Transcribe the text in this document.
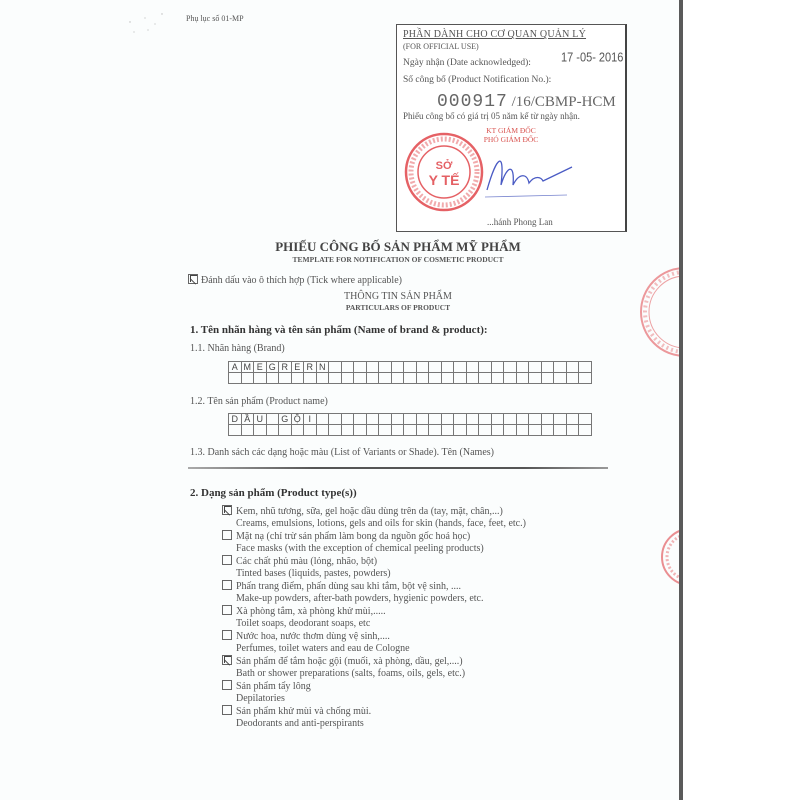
Phụ lục số 01-MP
PHẦN DÀNH CHO CƠ QUAN QUẢN LÝ
(FOR OFFICIAL USE)
Ngày nhận (Date acknowledged):	17 -05- 2016
Số công bố (Product Notification No.):
000917 /16/CBMP-HCM
Phiếu công bố có giá trị 05 năm kể từ ngày nhận.
KT GIÁM ĐỐC
PHÓ GIÁM ĐỐC
SỞ
Y TẾ
...hánh Phong Lan
PHIẾU CÔNG BỐ SẢN PHẨM MỸ PHẨM
TEMPLATE FOR NOTIFICATION OF COSMETIC PRODUCT
Đánh dấu vào ô thích hợp (Tick where applicable)
THÔNG TIN SẢN PHẨM
PARTICULARS OF PRODUCT
1. Tên nhãn hàng và tên sản phẩm (Name of brand & product):
1.1. Nhãn hàng (Brand)
A	M	E	G	R	E	R	N																					

1.2. Tên sản phẩm (Product name)
D	Ầ	U		G	Ộ	I																						

1.3. Danh sách các dạng hoặc màu (List of Variants or Shade). Tên (Names)
2. Dạng sản phẩm (Product type(s))
Kem, nhũ tương, sữa, gel hoặc dầu dùng trên da (tay, mặt, chân,...)
Creams, emulsions, lotions, gels and oils for skin (hands, face, feet, etc.)
Mặt nạ (chỉ trừ sản phẩm làm bong da nguồn gốc hoá học)
Face masks (with the exception of chemical peeling products)
Các chất phủ màu (lỏng, nhão, bột)
Tinted bases (liquids, pastes, powders)
Phấn trang điểm, phấn dùng sau khi tắm, bột vệ sinh, ....
Make-up powders, after-bath powders, hygienic powders, etc.
Xà phòng tắm, xà phòng khử mùi,.....
Toilet soaps, deodorant soaps, etc
Nước hoa, nước thơm dùng vệ sinh,....
Perfumes, toilet waters and eau de Cologne
Sản phẩm để tắm hoặc gội (muối, xà phòng, dầu, gel,....)
Bath or shower preparations (salts, foams, oils, gels, etc.)
Sản phẩm tẩy lông
Depilatories
Sản phẩm khử mùi và chống mùi.
Deodorants and anti-perspirants
